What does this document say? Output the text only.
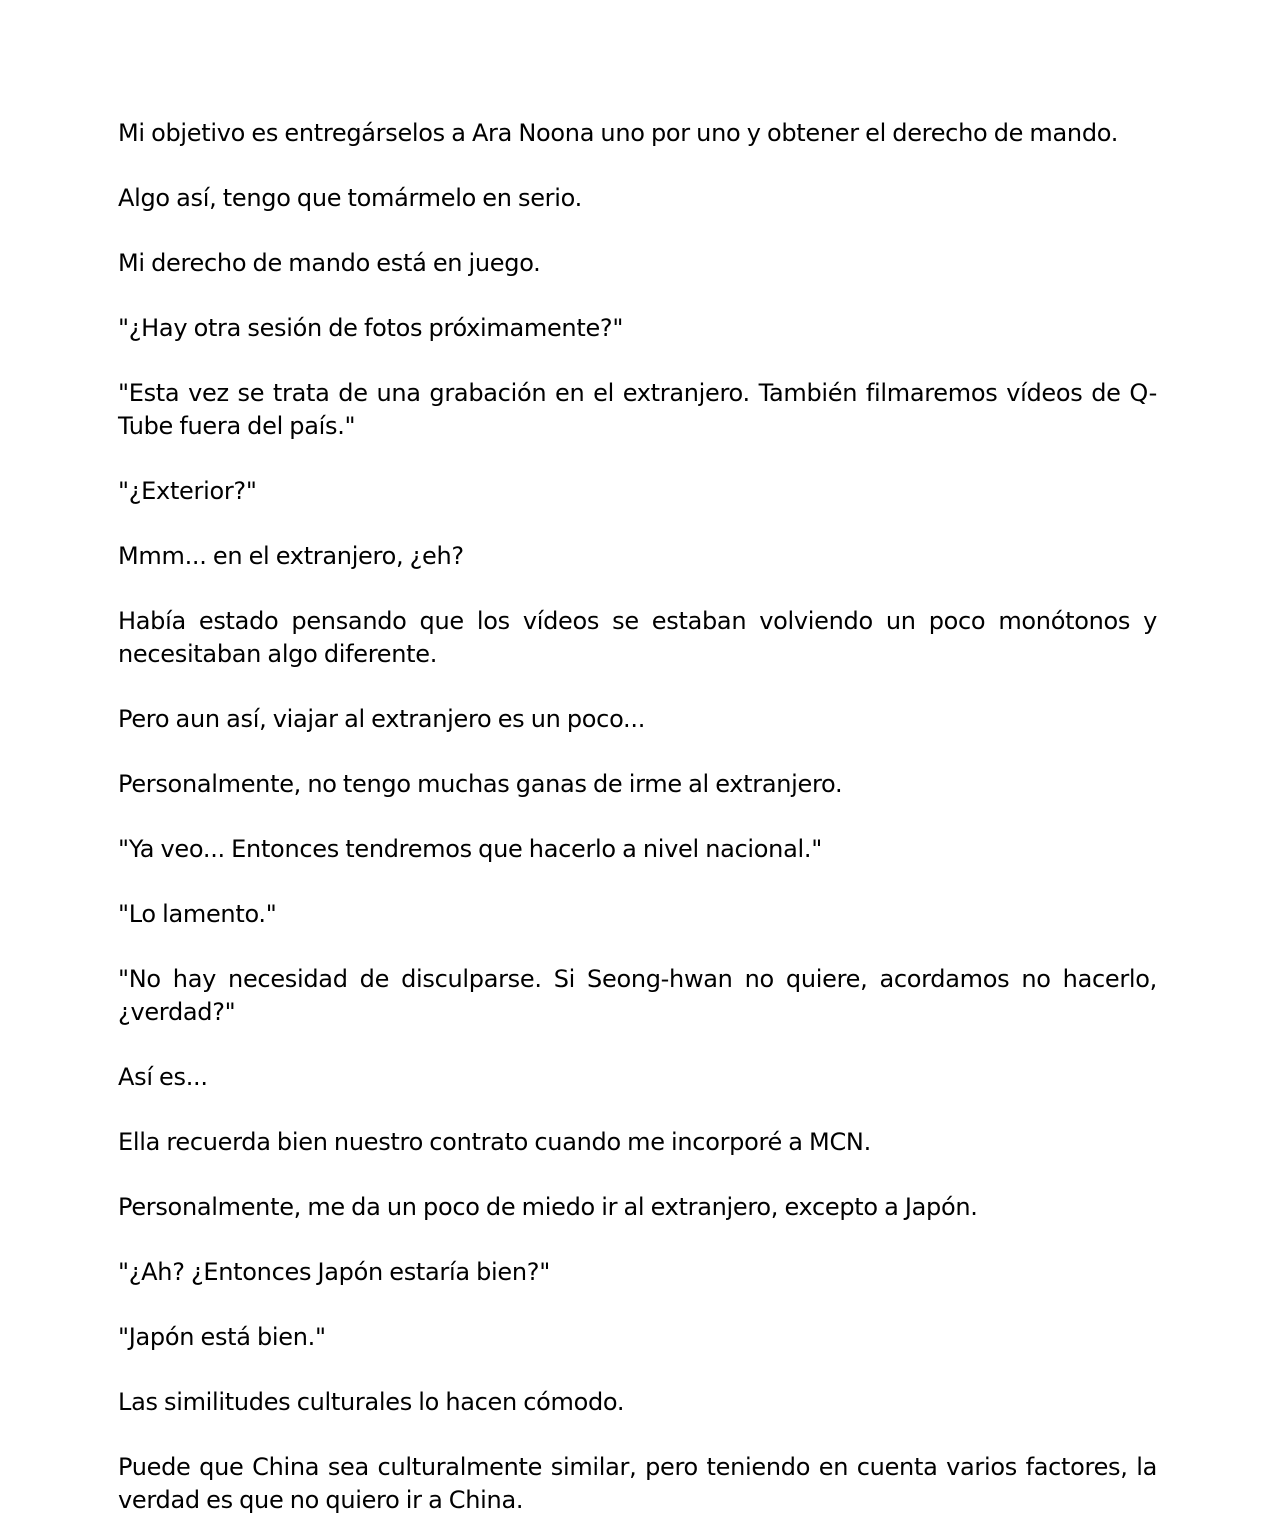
Mi objetivo es entregárselos a Ara Noona uno por uno y obtener el derecho de mando.

Algo así, tengo que tomármelo en serio.

Mi derecho de mando está en juego.

"¿Hay otra sesión de fotos próximamente?"

"Esta vez se trata de una grabación en el extranjero. También filmaremos vídeos de Q-Tube fuera del país."

"¿Exterior?"

Mmm... en el extranjero, ¿eh?

Había estado pensando que los vídeos se estaban volviendo un poco monótonos y necesitaban algo diferente.

Pero aun así, viajar al extranjero es un poco...

Personalmente, no tengo muchas ganas de irme al extranjero.

"Ya veo... Entonces tendremos que hacerlo a nivel nacional."

"Lo lamento."

"No hay necesidad de disculparse. Si Seong-hwan no quiere, acordamos no hacerlo, ¿verdad?"

Así es...

Ella recuerda bien nuestro contrato cuando me incorporé a MCN.

Personalmente, me da un poco de miedo ir al extranjero, excepto a Japón.

"¿Ah? ¿Entonces Japón estaría bien?"

"Japón está bien."

Las similitudes culturales lo hacen cómodo.

Puede que China sea culturalmente similar, pero teniendo en cuenta varios factores, la verdad es que no quiero ir a China.
